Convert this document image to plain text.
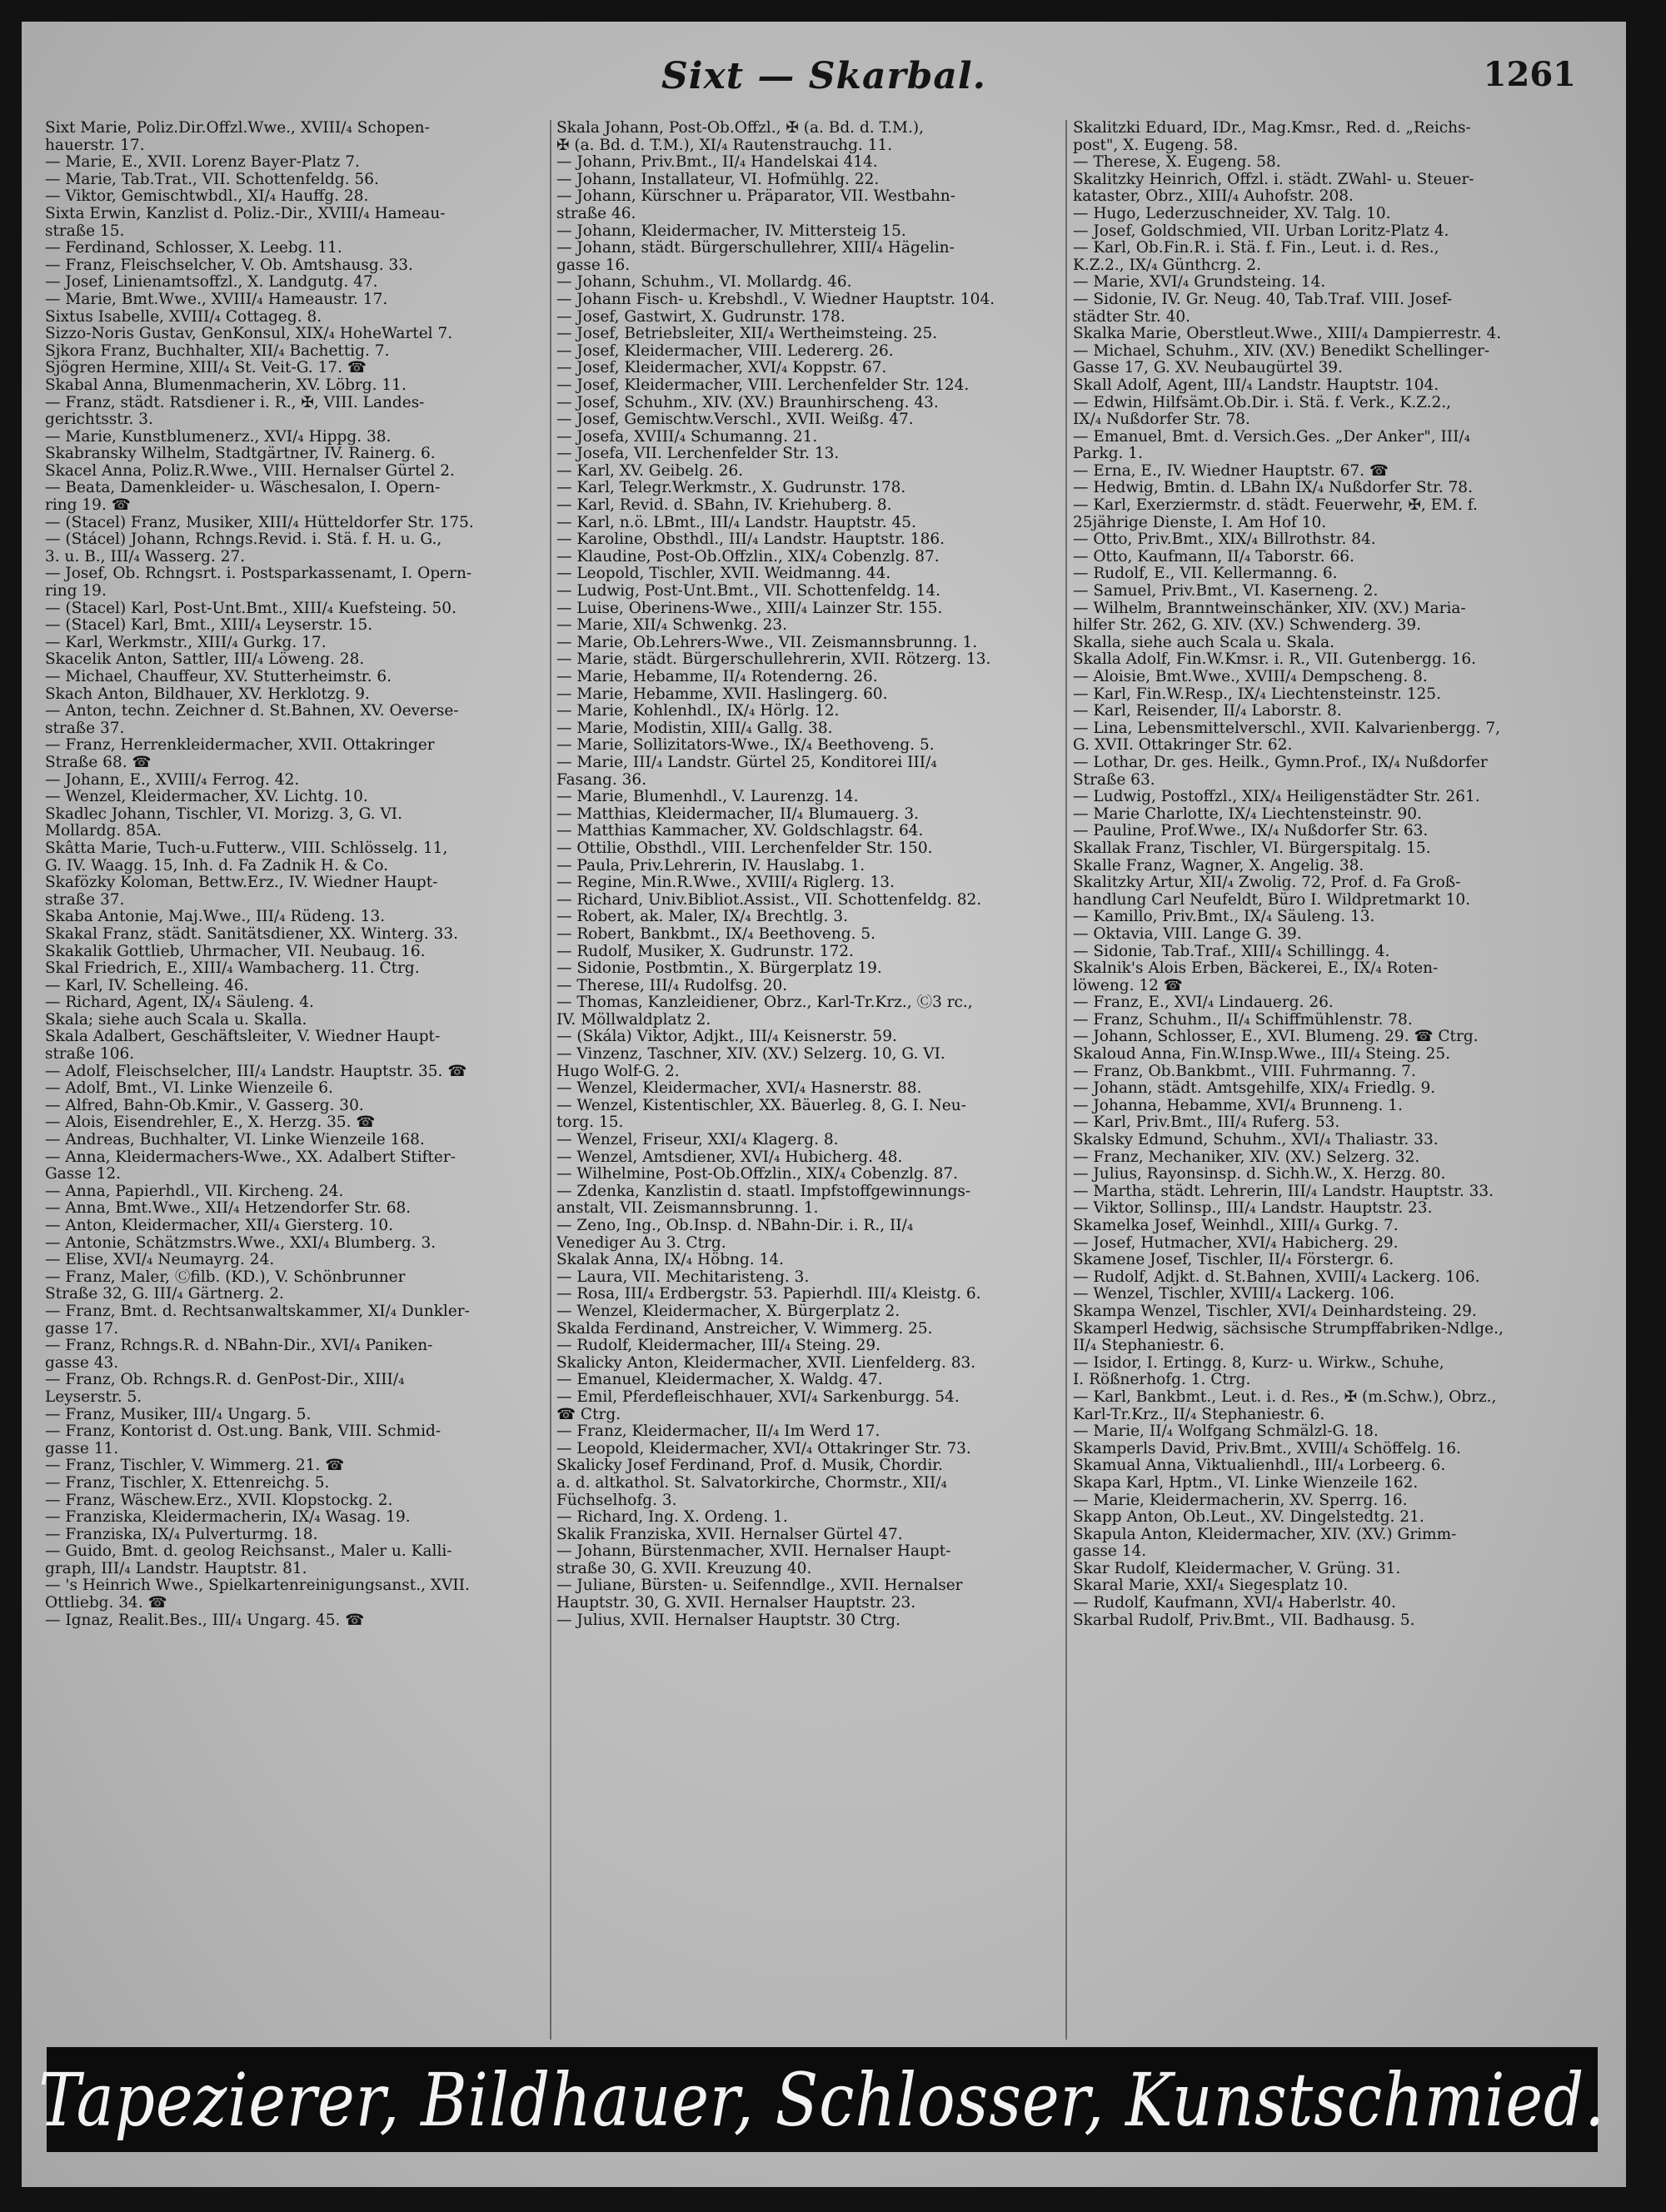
Sixt — Skarbal.	1261
Sixt Marie, Poliz.Dir.Offzl.Wwe., XVIII/₄ Schopen-
hauerstr. 17.
— Marie, E., XVII. Lorenz Bayer-Platz 7.
— Marie, Tab.Trat., VII. Schottenfeldg. 56.
— Viktor, Gemischtwbdl., XI/₄ Hauffg. 28.
Sixta Erwin, Kanzlist d. Poliz.-Dir., XVIII/₄ Hameau-
straße 15.
— Ferdinand, Schlosser, X. Leebg. 11.
— Franz, Fleischselcher, V. Ob. Amtshausg. 33.
— Josef, Linienamtsoffzl., X. Landgutg. 47.
— Marie, Bmt.Wwe., XVIII/₄ Hameaustr. 17.
Sixtus Isabelle, XVIII/₄ Cottageg. 8.
Sizzo-Noris Gustav, GenKonsul, XIX/₄ HoheWartel 7.
Sjkora Franz, Buchhalter, XII/₄ Bachettig. 7.
Sjögren Hermine, XIII/₄ St. Veit-G. 17. ☎
Skabal Anna, Blumenmacherin, XV. Löbrg. 11.
— Franz, städt. Ratsdiener i. R., ✠, VIII. Landes-
gerichtsstr. 3.
— Marie, Kunstblumenerz., XVI/₄ Hippg. 38.
Skabransky Wilhelm, Stadtgärtner, IV. Rainerg. 6.
Skacel Anna, Poliz.R.Wwe., VIII. Hernalser Gürtel 2.
— Beata, Damenkleider- u. Wäschesalon, I. Opern-
ring 19. ☎
— (Stacel) Franz, Musiker, XIII/₄ Hütteldorfer Str. 175.
— (Stácel) Johann, Rchngs.Revid. i. Stä. f. H. u. G.,
3. u. B., III/₄ Wasserg. 27.
— Josef, Ob. Rchngsrt. i. Postsparkassenamt, I. Opern-
ring 19.
— (Stacel) Karl, Post-Unt.Bmt., XIII/₄ Kuefsteing. 50.
— (Stacel) Karl, Bmt., XIII/₄ Leyserstr. 15.
— Karl, Werkmstr., XIII/₄ Gurkg. 17.
Skacelik Anton, Sattler, III/₄ Löweng. 28.
— Michael, Chauffeur, XV. Stutterheimstr. 6.
Skach Anton, Bildhauer, XV. Herklotzg. 9.
— Anton, techn. Zeichner d. St.Bahnen, XV. Oeverse-
straße 37.
— Franz, Herrenkleidermacher, XVII. Ottakringer
Straße 68. ☎
— Johann, E., XVIII/₄ Ferrog. 42.
— Wenzel, Kleidermacher, XV. Lichtg. 10.
Skadlec Johann, Tischler, VI. Morizg. 3, G. VI.
Mollardg. 85A.
Skâtta Marie, Tuch-u.Futterw., VIII. Schlösselg. 11,
G. IV. Waagg. 15, Inh. d. Fa Zadnik H. & Co.
Skafözky Koloman, Bettw.Erz., IV. Wiedner Haupt-
straße 37.
Skaba Antonie, Maj.Wwe., III/₄ Rüdeng. 13.
Skakal Franz, städt. Sanitätsdiener, XX. Winterg. 33.
Skakalik Gottlieb, Uhrmacher, VII. Neubaug. 16.
Skal Friedrich, E., XIII/₄ Wambacherg. 11. Ctrg.
— Karl, IV. Schelleing. 46.
— Richard, Agent, IX/₄ Säuleng. 4.
Skala; siehe auch Scala u. Skalla.
Skala Adalbert, Geschäftsleiter, V. Wiedner Haupt-
straße 106.
— Adolf, Fleischselcher, III/₄ Landstr. Hauptstr. 35. ☎
— Adolf, Bmt., VI. Linke Wienzeile 6.
— Alfred, Bahn-Ob.Kmir., V. Gasserg. 30.
— Alois, Eisendrehler, E., X. Herzg. 35. ☎
— Andreas, Buchhalter, VI. Linke Wienzeile 168.
— Anna, Kleidermachers-Wwe., XX. Adalbert Stifter-
Gasse 12.
— Anna, Papierhdl., VII. Kircheng. 24.
— Anna, Bmt.Wwe., XII/₄ Hetzendorfer Str. 68.
— Anton, Kleidermacher, XII/₄ Giersterg. 10.
— Antonie, Schätzmstrs.Wwe., XXI/₄ Blumberg. 3.
— Elise, XVI/₄ Neumayrg. 24.
— Franz, Maler, Ⓒfilb. (KD.), V. Schönbrunner
Straße 32, G. III/₄ Gärtnerg. 2.
— Franz, Bmt. d. Rechtsanwaltskammer, XI/₄ Dunkler-
gasse 17.
— Franz, Rchngs.R. d. NBahn-Dir., XVI/₄ Paniken-
gasse 43.
— Franz, Ob. Rchngs.R. d. GenPost-Dir., XIII/₄
Leyserstr. 5.
— Franz, Musiker, III/₄ Ungarg. 5.
— Franz, Kontorist d. Öst.ung. Bank, VIII. Schmid-
gasse 11.
— Franz, Tischler, V. Wimmerg. 21. ☎
— Franz, Tischler, X. Ettenreichg. 5.
— Franz, Wäschew.Erz., XVII. Klopstockg. 2.
— Franziska, Kleidermacherin, IX/₄ Wasag. 19.
— Franziska, IX/₄ Pulverturmg. 18.
— Guido, Bmt. d. geolog Reichsanst., Maler u. Kalli-
graph, III/₄ Landstr. Hauptstr. 81.
— 's Heinrich Wwe., Spielkartenreinigungsanst., XVII.
Ottliebg. 34. ☎
— Ignaz, Realit.Bes., III/₄ Ungarg. 45. ☎
Skala Johann, Post-Ob.Offzl., ✠ (a. Bd. d. T.M.),
✠ (a. Bd. d. T.M.), XI/₄ Rautenstrauchg. 11.
— Johann, Priv.Bmt., II/₄ Handelskai 414.
— Johann, Installateur, VI. Hofmühlg. 22.
— Johann, Kürschner u. Präparator, VII. Westbahn-
straße 46.
— Johann, Kleidermacher, IV. Mittersteig 15.
— Johann, städt. Bürgerschullehrer, XIII/₄ Hägelin-
gasse 16.
— Johann, Schuhm., VI. Mollardg. 46.
— Johann Fisch- u. Krebshdl., V. Wiedner Hauptstr. 104.
— Josef, Gastwirt, X. Gudrunstr. 178.
— Josef, Betriebsleiter, XII/₄ Wertheimsteing. 25.
— Josef, Kleidermacher, VIII. Ledererg. 26.
— Josef, Kleidermacher, XVI/₄ Koppstr. 67.
— Josef, Kleidermacher, VIII. Lerchenfelder Str. 124.
— Josef, Schuhm., XIV. (XV.) Braunhirscheng. 43.
— Josef, Gemischtw.Verschl., XVII. Weißg. 47.
— Josefa, XVIII/₄ Schumanng. 21.
— Josefa, VII. Lerchenfelder Str. 13.
— Karl, XV. Geibelg. 26.
— Karl, Telegr.Werkmstr., X. Gudrunstr. 178.
— Karl, Revid. d. SBahn, IV. Kriehuberg. 8.
— Karl, n.ö. LBmt., III/₄ Landstr. Hauptstr. 45.
— Karoline, Obsthdl., III/₄ Landstr. Hauptstr. 186.
— Klaudine, Post-Ob.Offzlin., XIX/₄ Cobenzlg. 87.
— Leopold, Tischler, XVII. Weidmanng. 44.
— Ludwig, Post-Unt.Bmt., VII. Schottenfeldg. 14.
— Luise, Oberinens-Wwe., XIII/₄ Lainzer Str. 155.
— Marie, XII/₄ Schwenkg. 23.
— Marie, Ob.Lehrers-Wwe., VII. Zeismannsbrunng. 1.
— Marie, städt. Bürgerschullehrerin, XVII. Rötzerg. 13.
— Marie, Hebamme, II/₄ Rotenderng. 26.
— Marie, Hebamme, XVII. Haslingerg. 60.
— Marie, Kohlenhdl., IX/₄ Hörlg. 12.
— Marie, Modistin, XIII/₄ Gallg. 38.
— Marie, Sollizitators-Wwe., IX/₄ Beethoveng. 5.
— Marie, III/₄ Landstr. Gürtel 25, Konditorei III/₄
Fasang. 36.
— Marie, Blumenhdl., V. Laurenzg. 14.
— Matthias, Kleidermacher, II/₄ Blumauerg. 3.
— Matthias Kammacher, XV. Goldschlagstr. 64.
— Ottilie, Obsthdl., VIII. Lerchenfelder Str. 150.
— Paula, Priv.Lehrerin, IV. Hauslabg. 1.
— Regine, Min.R.Wwe., XVIII/₄ Riglerg. 13.
— Richard, Univ.Bibliot.Assist., VII. Schottenfeldg. 82.
— Robert, ak. Maler, IX/₄ Brechtlg. 3.
— Robert, Bankbmt., IX/₄ Beethoveng. 5.
— Rudolf, Musiker, X. Gudrunstr. 172.
— Sidonie, Postbmtin., X. Bürgerplatz 19.
— Therese, III/₄ Rudolfsg. 20.
— Thomas, Kanzleidiener, Obrz., Karl-Tr.Krz., Ⓒ3 rc.,
IV. Möllwaldplatz 2.
— (Skála) Viktor, Adjkt., III/₄ Keisnerstr. 59.
— Vinzenz, Taschner, XIV. (XV.) Selzerg. 10, G. VI.
Hugo Wolf-G. 2.
— Wenzel, Kleidermacher, XVI/₄ Hasnerstr. 88.
— Wenzel, Kistentischler, XX. Bäuerleg. 8, G. I. Neu-
torg. 15.
— Wenzel, Friseur, XXI/₄ Klagerg. 8.
— Wenzel, Amtsdiener, XVI/₄ Hubicherg. 48.
— Wilhelmine, Post-Ob.Offzlin., XIX/₄ Cobenzlg. 87.
— Zdenka, Kanzlistin d. staatl. Impfstoffgewinnungs-
anstalt, VII. Zeismannsbrunng. 1.
— Zeno, Ing., Ob.Insp. d. NBahn-Dir. i. R., II/₄
Venediger Au 3. Ctrg.
Skalak Anna, IX/₄ Höbng. 14.
— Laura, VII. Mechitaristeng. 3.
— Rosa, III/₄ Erdbergstr. 53. Papierhdl. III/₄ Kleistg. 6.
— Wenzel, Kleidermacher, X. Bürgerplatz 2.
Skalda Ferdinand, Anstreicher, V. Wimmerg. 25.
— Rudolf, Kleidermacher, III/₄ Steing. 29.
Skalicky Anton, Kleidermacher, XVII. Lienfelderg. 83.
— Emanuel, Kleidermacher, X. Waldg. 47.
— Emil, Pferdefleischhauer, XVI/₄ Sarkenburgg. 54.
☎ Ctrg.
— Franz, Kleidermacher, II/₄ Im Werd 17.
— Leopold, Kleidermacher, XVI/₄ Ottakringer Str. 73.
Skalicky Josef Ferdinand, Prof. d. Musik, Chordir.
a. d. altkathol. St. Salvatorkirche, Chormstr., XII/₄
Füchselhofg. 3.
— Richard, Ing. X. Ordeng. 1.
Skalik Franziska, XVII. Hernalser Gürtel 47.
— Johann, Bürstenmacher, XVII. Hernalser Haupt-
straße 30, G. XVII. Kreuzung 40.
— Juliane, Bürsten- u. Seifenndlge., XVII. Hernalser
Hauptstr. 30, G. XVII. Hernalser Hauptstr. 23.
— Julius, XVII. Hernalser Hauptstr. 30 Ctrg.
Skalitzki Eduard, IDr., Mag.Kmsr., Red. d. „Reichs-
post", X. Eugeng. 58.
— Therese, X. Eugeng. 58.
Skalitzky Heinrich, Offzl. i. städt. ZWahl- u. Steuer-
kataster, Obrz., XIII/₄ Auhofstr. 208.
— Hugo, Lederzuschneider, XV. Talg. 10.
— Josef, Goldschmied, VII. Urban Loritz-Platz 4.
— Karl, Ob.Fin.R. i. Stä. f. Fin., Leut. i. d. Res.,
K.Z.2., IX/₄ Günthcrg. 2.
— Marie, XVI/₄ Grundsteing. 14.
— Sidonie, IV. Gr. Neug. 40, Tab.Traf. VIII. Josef-
städter Str. 40.
Skalka Marie, Oberstleut.Wwe., XIII/₄ Dampierrestr. 4.
— Michael, Schuhm., XIV. (XV.) Benedikt Schellinger-
Gasse 17, G. XV. Neubaugürtel 39.
Skall Adolf, Agent, III/₄ Landstr. Hauptstr. 104.
— Edwin, Hilfsämt.Ob.Dir. i. Stä. f. Verk., K.Z.2.,
IX/₄ Nußdorfer Str. 78.
— Emanuel, Bmt. d. Versich.Ges. „Der Anker", III/₄
Parkg. 1.
— Erna, E., IV. Wiedner Hauptstr. 67. ☎
— Hedwig, Bmtin. d. LBahn IX/₄ Nußdorfer Str. 78.
— Karl, Exerziermstr. d. städt. Feuerwehr, ✠, EM. f.
25jährige Dienste, I. Am Hof 10.
— Otto, Priv.Bmt., XIX/₄ Billrothstr. 84.
— Otto, Kaufmann, II/₄ Taborstr. 66.
— Rudolf, E., VII. Kellermanng. 6.
— Samuel, Priv.Bmt., VI. Kaserneng. 2.
— Wilhelm, Branntweinschänker, XIV. (XV.) Maria-
hilfer Str. 262, G. XIV. (XV.) Schwenderg. 39.
Skalla, siehe auch Scala u. Skala.
Skalla Adolf, Fin.W.Kmsr. i. R., VII. Gutenbergg. 16.
— Aloisie, Bmt.Wwe., XVIII/₄ Dempscheng. 8.
— Karl, Fin.W.Resp., IX/₄ Liechtensteinstr. 125.
— Karl, Reisender, II/₄ Laborstr. 8.
— Lina, Lebensmittelverschl., XVII. Kalvarienbergg. 7,
G. XVII. Ottakringer Str. 62.
— Lothar, Dr. ges. Heilk., Gymn.Prof., IX/₄ Nußdorfer
Straße 63.
— Ludwig, Postoffzl., XIX/₄ Heiligenstädter Str. 261.
— Marie Charlotte, IX/₄ Liechtensteinstr. 90.
— Pauline, Prof.Wwe., IX/₄ Nußdorfer Str. 63.
Skallak Franz, Tischler, VI. Bürgerspitalg. 15.
Skalle Franz, Wagner, X. Angelig. 38.
Skalitzky Artur, XII/₄ Zwolig. 72, Prof. d. Fa Groß-
handlung Carl Neufeldt, Büro I. Wildpretmarkt 10.
— Kamillo, Priv.Bmt., IX/₄ Säuleng. 13.
— Oktavia, VIII. Lange G. 39.
— Sidonie, Tab.Traf., XIII/₄ Schillingg. 4.
Skalnik's Alois Erben, Bäckerei, E., IX/₄ Roten-
löweng. 12 ☎
— Franz, E., XVI/₄ Lindauerg. 26.
— Franz, Schuhm., II/₄ Schiffmühlenstr. 78.
— Johann, Schlosser, E., XVI. Blumeng. 29. ☎ Ctrg.
Skaloud Anna, Fin.W.Insp.Wwe., III/₄ Steing. 25.
— Franz, Ob.Bankbmt., VIII. Fuhrmanng. 7.
— Johann, städt. Amtsgehilfe, XIX/₄ Friedlg. 9.
— Johanna, Hebamme, XVI/₄ Brunneng. 1.
— Karl, Priv.Bmt., III/₄ Ruferg. 53.
Skalsky Edmund, Schuhm., XVI/₄ Thaliastr. 33.
— Franz, Mechaniker, XIV. (XV.) Selzerg. 32.
— Julius, Rayonsinsp. d. Sichh.W., X. Herzg. 80.
— Martha, städt. Lehrerin, III/₄ Landstr. Hauptstr. 33.
— Viktor, Sollinsp., III/₄ Landstr. Hauptstr. 23.
Skamelka Josef, Weinhdl., XIII/₄ Gurkg. 7.
— Josef, Hutmacher, XVI/₄ Habicherg. 29.
Skamene Josef, Tischler, II/₄ Förstergr. 6.
— Rudolf, Adjkt. d. St.Bahnen, XVIII/₄ Lackerg. 106.
— Wenzel, Tischler, XVIII/₄ Lackerg. 106.
Skampa Wenzel, Tischler, XVI/₄ Deinhardsteing. 29.
Skamperl Hedwig, sächsische Strumpffabriken-Ndlge.,
II/₄ Stephaniestr. 6.
— Isidor, I. Ertingg. 8, Kurz- u. Wirkw., Schuhe,
I. Rößnerhofg. 1. Ctrg.
— Karl, Bankbmt., Leut. i. d. Res., ✠ (m.Schw.), Obrz.,
Karl-Tr.Krz., II/₄ Stephaniestr. 6.
— Marie, II/₄ Wolfgang Schmälzl-G. 18.
Skamperls David, Priv.Bmt., XVIII/₄ Schöffelg. 16.
Skamual Anna, Viktualienhdl., III/₄ Lorbeerg. 6.
Skapa Karl, Hptm., VI. Linke Wienzeile 162.
— Marie, Kleidermacherin, XV. Sperrg. 16.
Skapp Anton, Ob.Leut., XV. Dingelstedtg. 21.
Skapula Anton, Kleidermacher, XIV. (XV.) Grimm-
gasse 14.
Skar Rudolf, Kleidermacher, V. Grüng. 31.
Skaral Marie, XXI/₄ Siegesplatz 10.
— Rudolf, Kaufmann, XVI/₄ Haberlstr. 40.
Skarbal Rudolf, Priv.Bmt., VII. Badhausg. 5.
Tapezierer, Bildhauer, Schlosser, Kunstschmied.
